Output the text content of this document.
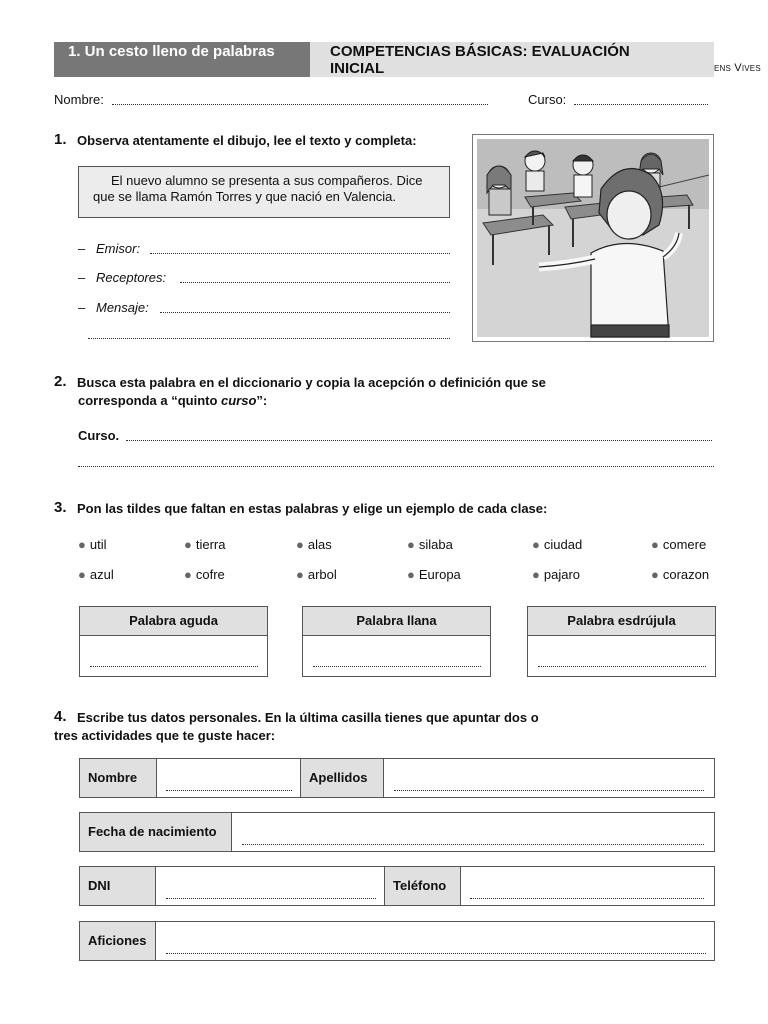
1. Un cesto lleno de palabras	COMPETENCIAS BÁSICAS: EVALUACIÓN
INICIAL	ens Vives
Nombre:	Curso:
1. Observa atentamente el dibujo, lee el texto y completa:
El nuevo alumno se presenta a sus compañeros. Dice que se llama Ramón Torres y que nació en Valencia.
– Emisor:
– Receptores:
– Mensaje:
2. Busca esta palabra en el diccionario y copia la acepción o definición que se
corresponda a “quinto curso”:
Curso.
3. Pon las tildes que faltan en estas palabras y elige un ejemplo de cada clase:
● util	● tierra	● alas	● silaba	● ciudad	● comere
● azul	● cofre	● arbol	● Europa	● pajaro	● corazon
Palabra aguda	Palabra llana	Palabra esdrújula
4. Escribe tus datos personales. En la última casilla tienes que apuntar dos o
tres actividades que te guste hacer:
Nombre	Apellidos
Fecha de nacimiento
DNI	Teléfono
Aficiones
